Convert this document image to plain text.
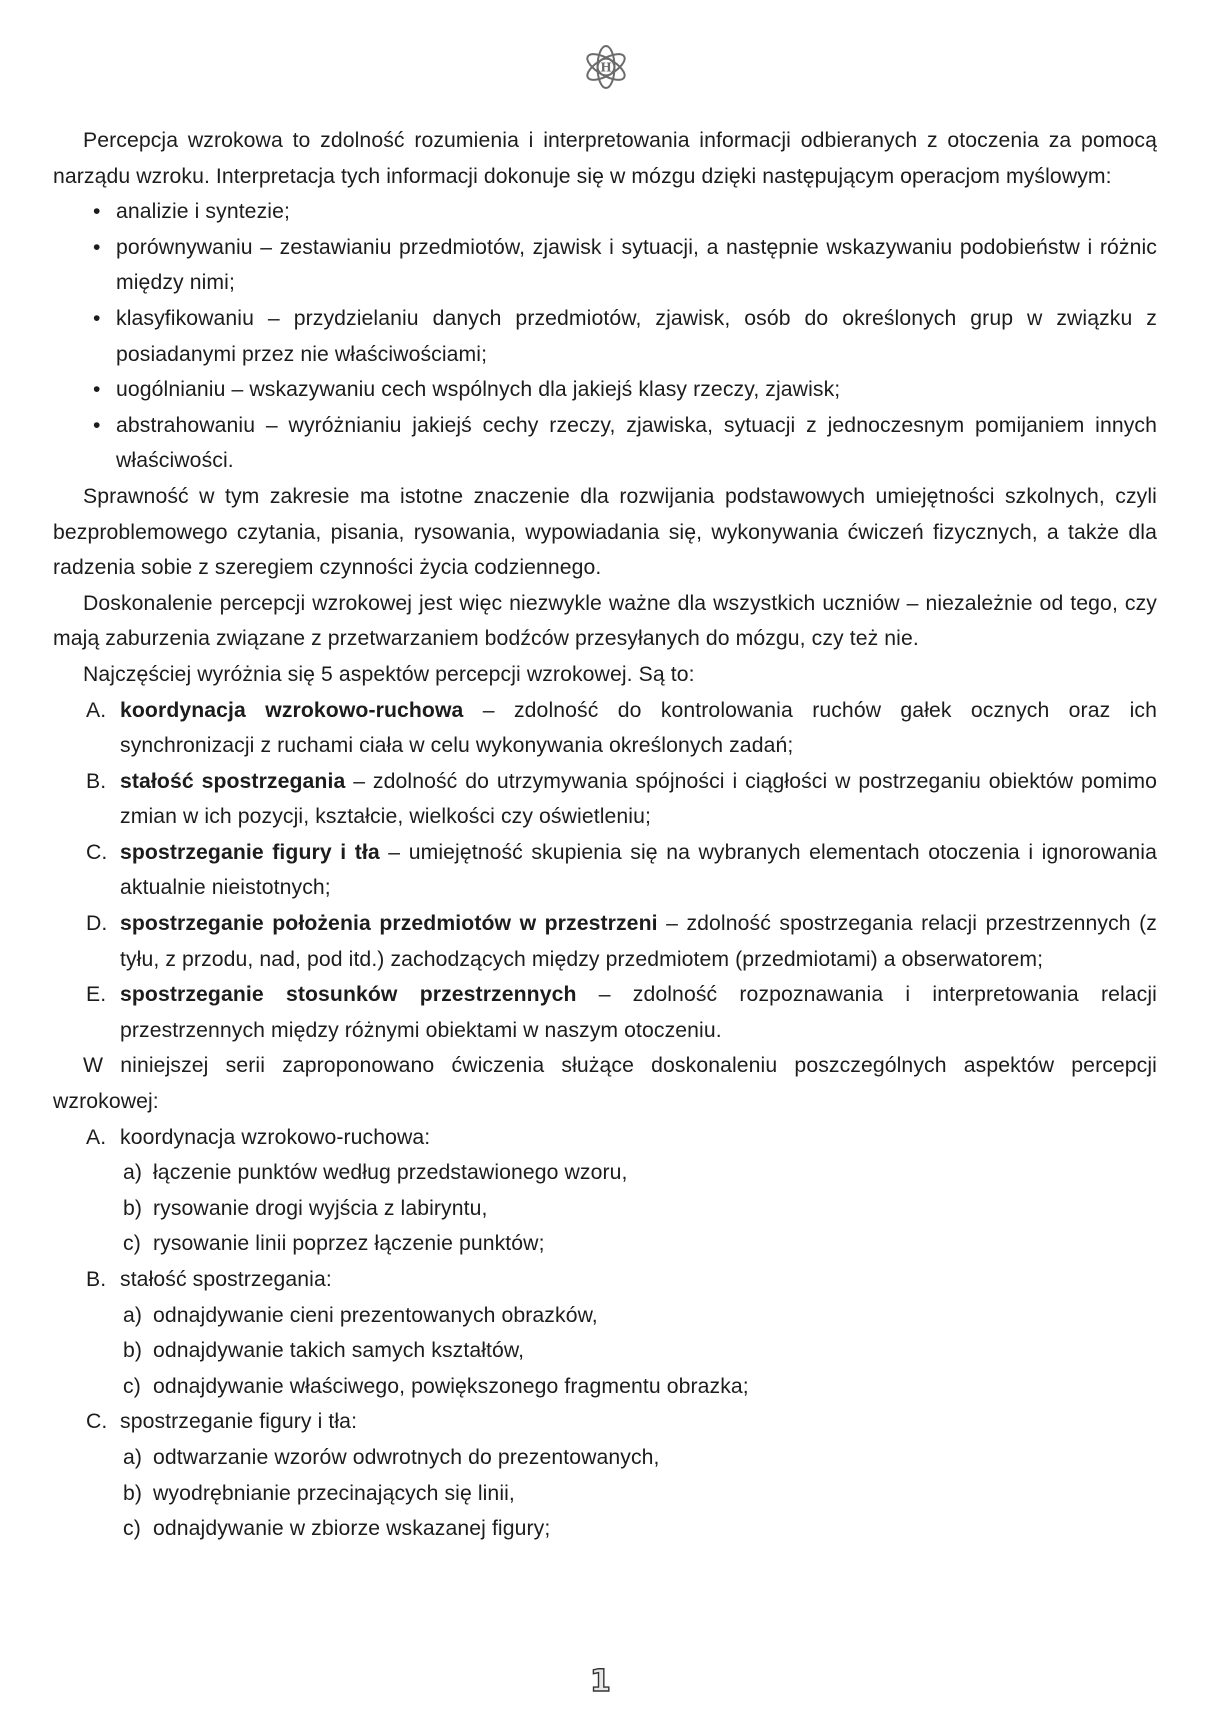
H

Percepcja wzrokowa to zdolność rozumienia i interpretowania informacji odbieranych z otoczenia za pomocą narządu wzroku. Interpretacja tych informacji dokonuje się w mózgu dzięki następującym operacjom myślowym:

• analizie i syntezie;
• porównywaniu – zestawianiu przedmiotów, zjawisk i sytuacji, a następnie wskazywaniu podobieństw i różnic między nimi;
• klasyfikowaniu – przydzielaniu danych przedmiotów, zjawisk, osób do określonych grup w związku z posiadanymi przez nie właściwościami;
• uogólnianiu – wskazywaniu cech wspólnych dla jakiejś klasy rzeczy, zjawisk;
• abstrahowaniu – wyróżnianiu jakiejś cechy rzeczy, zjawiska, sytuacji z jednoczesnym pomijaniem innych właściwości.

Sprawność w tym zakresie ma istotne znaczenie dla rozwijania podstawowych umiejętności szkolnych, czyli bezproblemowego czytania, pisania, rysowania, wypowiadania się, wykonywania ćwiczeń fizycznych, a także dla radzenia sobie z szeregiem czynności życia codziennego.

Doskonalenie percepcji wzrokowej jest więc niezwykle ważne dla wszystkich uczniów – niezależnie od tego, czy mają zaburzenia związane z przetwarzaniem bodźców przesyłanych do mózgu, czy też nie.

Najczęściej wyróżnia się 5 aspektów percepcji wzrokowej. Są to:

A. koordynacja wzrokowo-ruchowa – zdolność do kontrolowania ruchów gałek ocznych oraz ich synchronizacji z ruchami ciała w celu wykonywania określonych zadań;
B. stałość spostrzegania – zdolność do utrzymywania spójności i ciągłości w postrzeganiu obiektów pomimo zmian w ich pozycji, kształcie, wielkości czy oświetleniu;
C. spostrzeganie figury i tła – umiejętność skupienia się na wybranych elementach otoczenia i ignorowania aktualnie nieistotnych;
D. spostrzeganie położenia przedmiotów w przestrzeni – zdolność spostrzegania relacji przestrzennych (z tyłu, z przodu, nad, pod itd.) zachodzących między przedmiotem (przedmiotami) a obserwatorem;
E. spostrzeganie stosunków przestrzennych – zdolność rozpoznawania i interpretowania relacji przestrzennych między różnymi obiektami w naszym otoczeniu.

W niniejszej serii zaproponowano ćwiczenia służące doskonaleniu poszczególnych aspektów percepcji wzrokowej:

A. koordynacja wzrokowo-ruchowa:
a) łączenie punktów według przedstawionego wzoru,
b) rysowanie drogi wyjścia z labiryntu,
c) rysowanie linii poprzez łączenie punktów;
B. stałość spostrzegania:
a) odnajdywanie cieni prezentowanych obrazków,
b) odnajdywanie takich samych kształtów,
c) odnajdywanie właściwego, powiększonego fragmentu obrazka;
C. spostrzeganie figury i tła:
a) odtwarzanie wzorów odwrotnych do prezentowanych,
b) wyodrębnianie przecinających się linii,
c) odnajdywanie w zbiorze wskazanej figury;
1
